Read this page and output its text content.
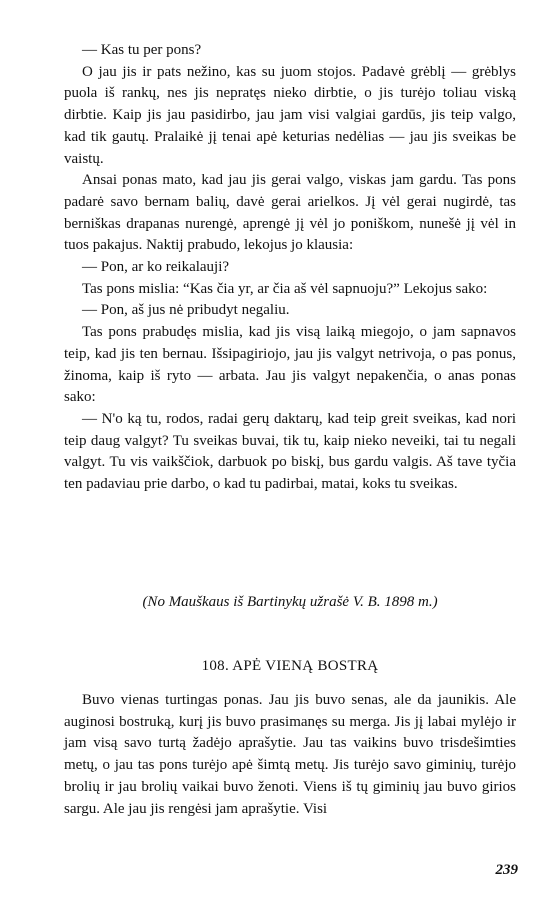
— Kas tu per pons?

O jau jis ir pats nežino, kas su juom stojos. Padavė grėblį — grėblys puola iš rankų, nes jis nepratęs nieko dirbtie, o jis turėjo toliau viską dirbtie. Kaip jis jau pasidirbo, jau jam visi valgiai gardūs, jis teip valgo, kad tik gautų. Pralaikė jį tenai apė keturias nedėlias — jau jis sveikas be vaistų.

Ansai ponas mato, kad jau jis gerai valgo, viskas jam gardu. Tas pons padarė savo bernam balių, davė gerai arielkos. Jį vėl gerai nugirdė, tas berniškas drapanas nurengė, aprengė jį vėl jo poniškom, nunešė jį vėl in tuos pakajus. Naktij prabudo, lekojus jo klausia:

— Pon, ar ko reikalauji?

Tas pons mislia: “Kas čia yr, ar čia aš vėl sapnuoju?” Lekojus sako:

— Pon, aš jus nė pribudyt negaliu.

Tas pons prabudęs mislia, kad jis visą laiką miegojo, o jam sapnavos teip, kad jis ten bernau. Išsipagiriojo, jau jis valgyt netrivoja, o pas ponus, žinoma, kaip iš ryto — arbata. Jau jis valgyt nepakenčia, o anas ponas sako:

— N'o ką tu, rodos, radai gerų daktarų, kad teip greit sveikas, kad nori teip daug valgyt? Tu sveikas buvai, tik tu, kaip nieko neveiki, tai tu negali valgyt. Tu vis vaikščiok, darbuok po biskį, bus gardu valgis. Aš tave tyčia ten padaviau prie darbo, o kad tu padirbai, matai, koks tu sveikas.

(No Mauškaus iš Bartinykų užrašė V. B. 1898 m.)
108. APĖ VIENĄ BOSTRĄ

Buvo vienas turtingas ponas. Jau jis buvo senas, ale da jaunikis. Ale auginosi bostruką, kurį jis buvo prasimanęs su merga. Jis jį labai mylėjo ir jam visą savo turtą žadėjo aprašytie. Jau tas vaikins buvo trisdešimties metų, o jau tas pons turėjo apė šimtą metų. Jis turėjo savo giminių, turėjo brolių ir jau brolių vaikai buvo ženoti. Viens iš tų giminių jau buvo girios sargu. Ale jau jis rengėsi jam aprašytie. Visi

239
